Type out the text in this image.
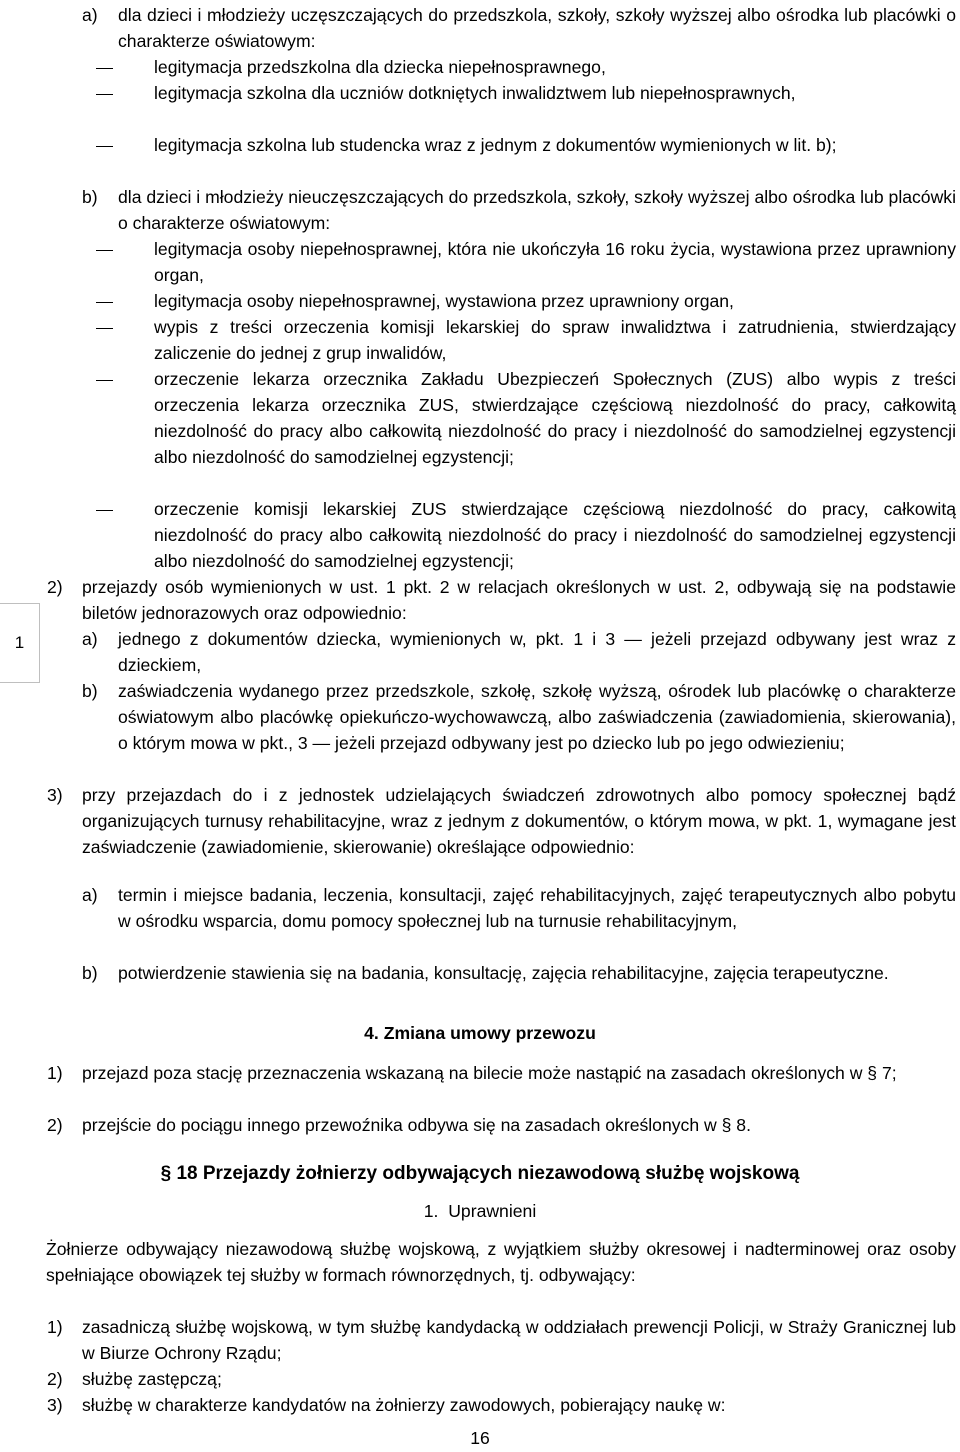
1
a) dla dzieci i młodzieży uczęszczających do przedszkola, szkoły, szkoły wyższej albo ośrodka lub placówki o charakterze oświatowym:
legitymacja przedszkolna dla dziecka niepełnosprawnego,
legitymacja szkolna dla uczniów dotkniętych inwalidztwem lub niepełnosprawnych,
legitymacja szkolna lub studencka wraz z jednym z dokumentów wymienionych w lit. b);
b) dla dzieci i młodzieży nieuczęszczających do przedszkola, szkoły, szkoły wyższej albo ośrodka lub placówki o charakterze oświatowym:
legitymacja osoby niepełnosprawnej, która nie ukończyła 16 roku życia, wystawiona przez uprawniony organ,
legitymacja osoby niepełnosprawnej, wystawiona przez uprawniony organ,
wypis z treści orzeczenia komisji lekarskiej do spraw inwalidztwa i zatrudnienia, stwierdzający zaliczenie do jednej z grup inwalidów,
orzeczenie lekarza orzecznika Zakładu Ubezpieczeń Społecznych (ZUS) albo wypis z treści orzeczenia lekarza orzecznika ZUS, stwierdzające częściową niezdolność do pracy, całkowitą niezdolność do pracy albo całkowitą niezdolność do pracy i niezdolność do samodzielnej egzystencji albo niezdolność do samodzielnej egzystencji;
orzeczenie komisji lekarskiej ZUS stwierdzające częściową niezdolność do pracy, całkowitą niezdolność do pracy albo całkowitą niezdolność do pracy i niezdolność do samodzielnej egzystencji albo niezdolność do samodzielnej egzystencji;
2) przejazdy osób wymienionych w ust. 1 pkt. 2 w relacjach określonych w ust. 2, odbywają się na podstawie biletów jednorazowych oraz odpowiednio:
a) jednego z dokumentów dziecka, wymienionych w, pkt. 1 i 3 — jeżeli przejazd odbywany jest wraz z dzieckiem,
b) zaświadczenia wydanego przez przedszkole, szkołę, szkołę wyższą, ośrodek lub placówkę o charakterze oświatowym albo placówkę opiekuńczo-wychowawczą, albo zaświadczenia (zawiadomienia, skierowania), o którym mowa w pkt., 3 — jeżeli przejazd odbywany jest po dziecko lub po jego odwiezieniu;
3) przy przejazdach do i z jednostek udzielających świadczeń zdrowotnych albo pomocy społecznej bądź organizujących turnusy rehabilitacyjne, wraz z jednym z dokumentów, o którym mowa, w pkt. 1, wymagane jest zaświadczenie (zawiadomienie, skierowanie) określające odpowiednio:
a) termin i miejsce badania, leczenia, konsultacji, zajęć rehabilitacyjnych, zajęć terapeutycznych albo pobytu w ośrodku wsparcia, domu pomocy społecznej lub na turnusie rehabilitacyjnym,
b) potwierdzenie stawienia się na badania, konsultację, zajęcia rehabilitacyjne, zajęcia terapeutyczne.
4. Zmiana umowy przewozu
1) przejazd poza stację przeznaczenia wskazaną na bilecie może nastąpić na zasadach określonych w § 7;
2) przejście do pociągu innego przewoźnika odbywa się na zasadach określonych w § 8.
§ 18 Przejazdy żołnierzy odbywających niezawodową służbę wojskową
1.  Uprawnieni
Żołnierze odbywający niezawodową służbę wojskową, z wyjątkiem służby okresowej i nadterminowej oraz osoby spełniające obowiązek tej służby w formach równorzędnych, tj. odbywający:
1) zasadniczą służbę wojskową, w tym służbę kandydacką w oddziałach prewencji Policji, w Straży Granicznej lub w Biurze Ochrony Rządu;
2) służbę zastępczą;
3) służbę w charakterze kandydatów na żołnierzy zawodowych, pobierający naukę w:
16
